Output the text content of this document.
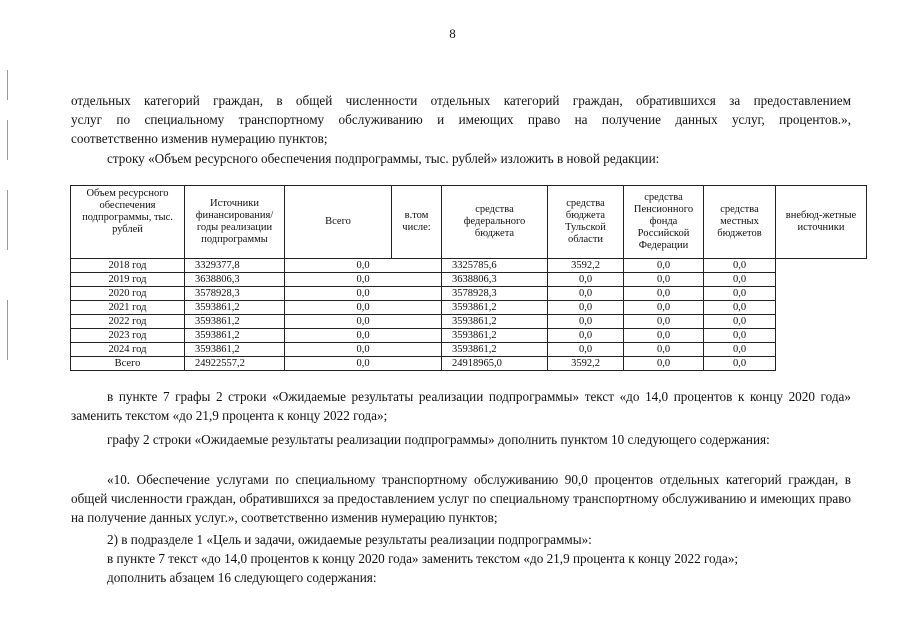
8

отдельных категорий граждан, в общей численности отдельных категорий граждан, обратившихся за предоставлением

услуг по специальному транспортному обслуживанию и имеющих право на получение данных услуг, процентов.»,

соответственно изменив нумерацию пунктов;

строку «Объем ресурсного обеспечения подпрограммы, тыс. рублей» изложить в новой редакции:

Объем ресурсного обеспечения подпрограммы, тыс. рублей	Источники финансирования/ годы реализации подпрограммы	Всего	в.том числе:	средства федерального бюджета	средства бюджета Тульской области	средства Пенсионного фонда Российской Федерации	средства местных бюджетов	внебюд-жетные источники
2018 год	3329377,8	0,0		3325785,6	3592,2	0,0	0,0	
2019 год	3638806,3	0,0		3638806,3	0,0	0,0	0,0	
2020 год	3578928,3	0,0		3578928,3	0,0	0,0	0,0	
2021 год	3593861,2	0,0		3593861,2	0,0	0,0	0,0	
2022 год	3593861,2	0,0		3593861,2	0,0	0,0	0,0	
2023 год	3593861,2	0,0		3593861,2	0,0	0,0	0,0	
2024 год	3593861,2	0,0		3593861,2	0,0	0,0	0,0	
Всего	24922557,2	0,0		24918965,0	3592,2	0,0	0,0	

в пункте 7 графы 2 строки «Ожидаемые результаты реализации подпрограммы» текст «до 14,0 процентов к концу 2020 года» заменить текстом «до 21,9 процента к концу 2022 года»;

графу 2 строки «Ожидаемые результаты реализации подпрограммы» дополнить пунктом 10 следующего содержания:

«10. Обеспечение услугами по специальному транспортному обслуживанию 90,0 процентов отдельных категорий граждан, в общей численности граждан, обратившихся за предоставлением услуг по специальному транспортному обслуживанию и имеющих право на получение данных услуг.», соответственно изменив нумерацию пунктов;

2) в подразделе 1 «Цель и задачи, ожидаемые результаты реализации подпрограммы»:

в пункте 7 текст «до 14,0 процентов к концу 2020 года» заменить текстом «до 21,9 процента к концу 2022 года»;

дополнить абзацем 16 следующего содержания:
